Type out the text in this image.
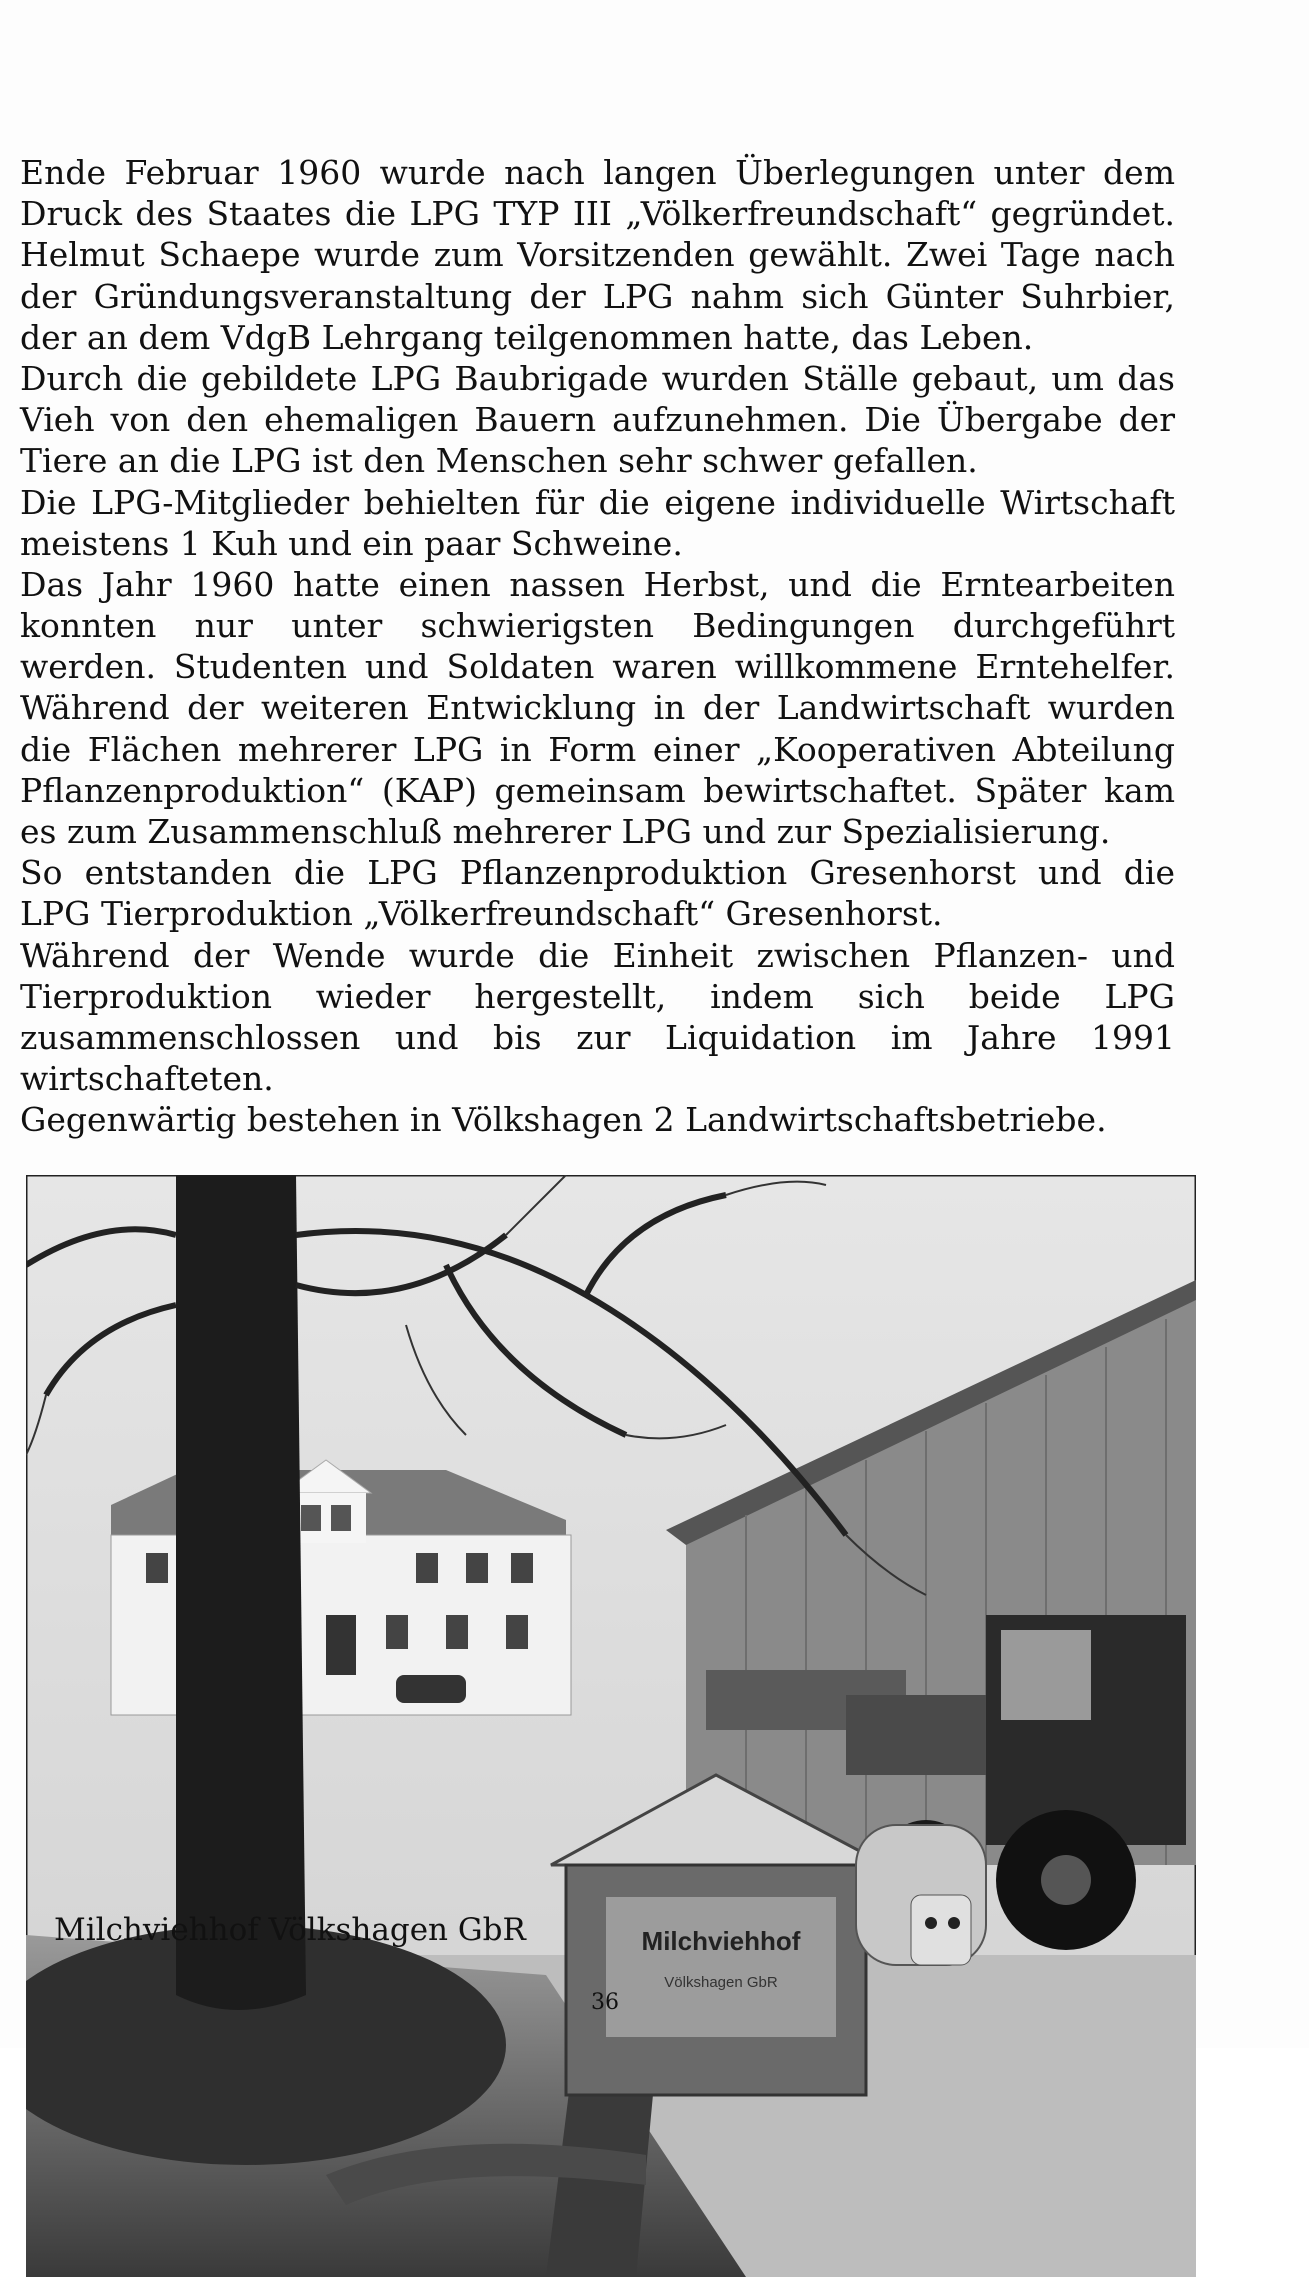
Ende Februar 1960 wurde nach langen Überlegungen unter dem
Druck des Staates die LPG TYP III „Völkerfreundschaft“ gegründet.
Helmut Schaepe wurde zum Vorsitzenden gewählt. Zwei Tage nach
der Gründungsveranstaltung der LPG nahm sich Günter Suhrbier,
der an dem VdgB Lehrgang teilgenommen hatte, das Leben.
Durch die gebildete LPG Baubrigade wurden Ställe gebaut, um das
Vieh von den ehemaligen Bauern aufzunehmen. Die Übergabe der
Tiere an die LPG ist den Menschen sehr schwer gefallen.
Die LPG-Mitglieder behielten für die eigene individuelle Wirtschaft
meistens 1 Kuh und ein paar Schweine.
Das Jahr 1960 hatte einen nassen Herbst, und die Erntearbeiten
konnten nur unter schwierigsten Bedingungen durchgeführt
werden. Studenten und Soldaten waren willkommene Erntehelfer.
Während der weiteren Entwicklung in der Landwirtschaft wurden
die Flächen mehrerer LPG in Form einer „Kooperativen Abteilung
Pflanzenproduktion“ (KAP) gemeinsam bewirtschaftet. Später kam
es zum Zusammenschluß mehrerer LPG und zur Spezialisierung.
So entstanden die LPG Pflanzenproduktion Gresenhorst und die
LPG Tierproduktion „Völkerfreundschaft“ Gresenhorst.
Während der Wende wurde die Einheit zwischen Pflanzen- und
Tierproduktion wieder hergestellt, indem sich beide LPG
zusammenschlossen und bis zur Liquidation im Jahre 1991
wirtschafteten.
Gegenwärtig bestehen in Völkshagen 2 Landwirtschaftsbetriebe.
Milchviehhof
Völkshagen GbR
Milchviehhof Völkshagen GbR
36
